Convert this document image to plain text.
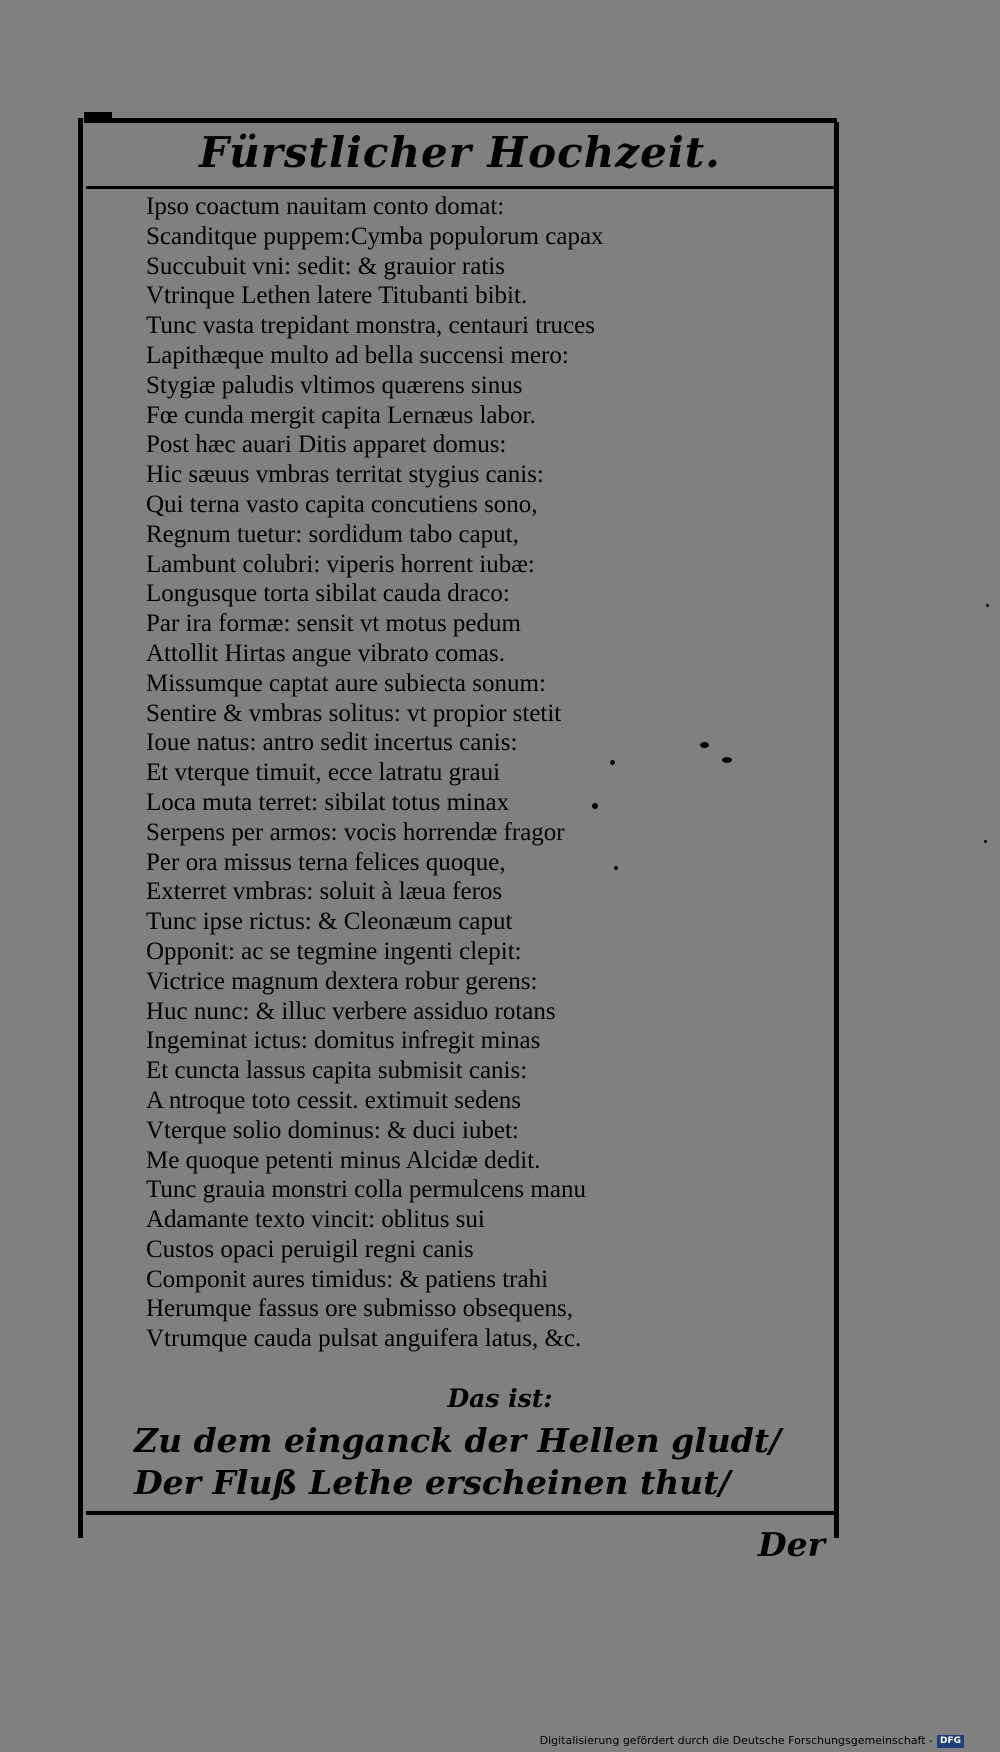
Fürstlicher Hochzeit.
Ipso coactum nauitam conto domat:
Scanditque puppem:Cymba populorum capax
Succubuit vni: sedit: & grauior ratis
Vtrinque Lethen latere Titubanti bibit.
Tunc vasta trepidant monstra, centauri truces
Lapithæque multo ad bella succensi mero:
Stygiæ paludis vltimos quærens sinus
Fœ cunda mergit capita Lernæus labor.
Post hæc auari Ditis apparet domus:
Hic sæuus vmbras territat stygius canis:
Qui terna vasto capita concutiens sono,
Regnum tuetur: sordidum tabo caput,
Lambunt colubri: viperis horrent iubæ:
Longusque torta sibilat cauda draco:
Par ira formæ: sensit vt motus pedum
Attollit Hirtas angue vibrato comas.
Missumque captat aure subiecta sonum:
Sentire & vmbras solitus: vt propior stetit
Ioue natus: antro sedit incertus canis:
Et vterque timuit, ecce latratu graui
Loca muta terret: sibilat totus minax
Serpens per armos: vocis horrendæ fragor
Per ora missus terna felices quoque,
Exterret vmbras: soluit à læua feros
Tunc ipse rictus: & Cleonæum caput
Opponit: ac se tegmine ingenti clepit:
Victrice magnum dextera robur gerens:
Huc nunc: & illuc verbere assiduo rotans
Ingeminat ictus: domitus infregit minas
Et cuncta lassus capita submisit canis:
A ntroque toto cessit. extimuit sedens
Vterque solio dominus: & duci iubet:
Me quoque petenti minus Alcidæ dedit.
Tunc grauia monstri colla permulcens manu
Adamante texto vincit: oblitus sui
Custos opaci peruigil regni canis
Componit aures timidus: & patiens trahi
Herumque fassus ore submisso obsequens,
Vtrumque cauda pulsat anguifera latus, &c.
Das ist:
Zu dem einganck der Hellen gludt/
Der Fluß Lethe erscheinen thut/
Der
Digitalisierung gefördert durch die Deutsche Forschungsgemeinschaft - DFG
